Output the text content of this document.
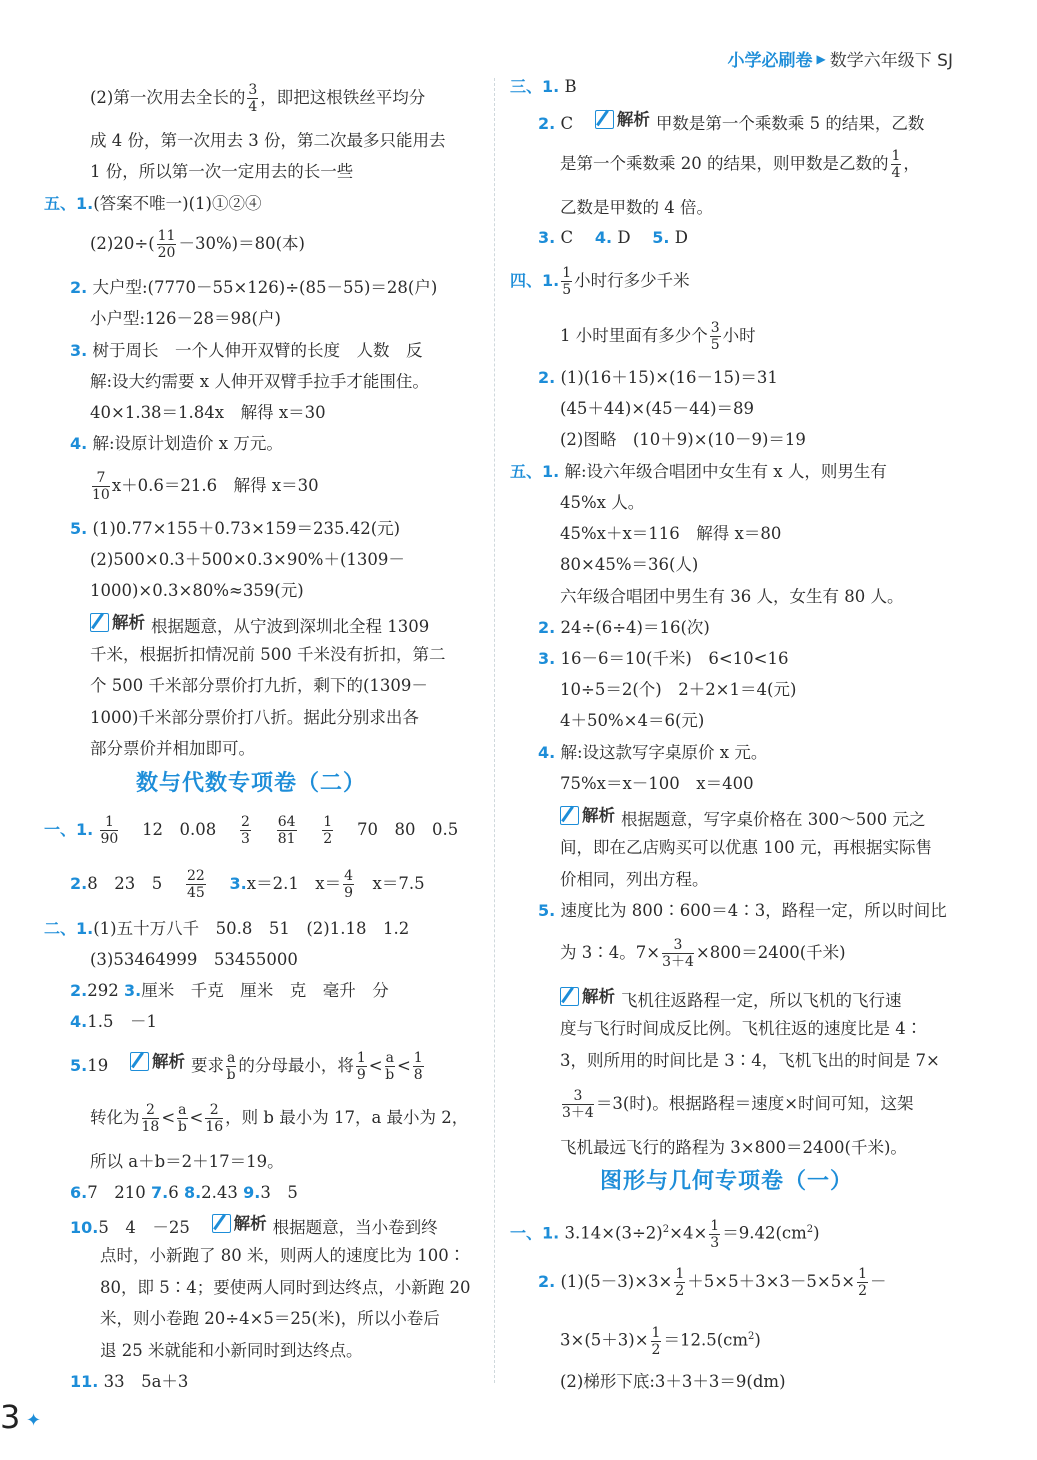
小学必刷卷 ▶ 数学六年级下 SJ
(2)第一次用去全长的 $\frac{3}{4}$ ，即把这根铁丝平均分
成 4 份，第一次用去 3 份，第二次最多只能用去
1 份，所以第一次一定用去的长一些
五、1.(答案不唯一)(1)①②④
$(2)20\div( \frac{11}{20} -30\%)=80$(本)
2. 大户型:(7770－55×126)÷(85－55)＝28(户)
小户型:126－28＝98(户)
3. 树于周长　一个人伸开双臂的长度　人数　反
解:设大约需要 x 人伸开双臂手拉手才能围住。
40×1.38＝1.84x　解得 x＝30
4. 解:设原计划造价 x 万元。
$\frac{7}{10} x+0.6=21.6$　解得 x＝30
5. (1)0.77×155＋0.73×159＝235.42(元)
(2)500×0.3＋500×0.3×90%＋(1309－
1000)×0.3×80%≈359(元)
解析 根据题意，从宁波到深圳北全程 1309
千米，根据折扣情况前 500 千米没有折扣，第二
个 500 千米部分票价打九折，剩下的(1309－
1000)千米部分票价打八折。据此分别求出各
部分票价并相加即可。
数与代数专项卷（二）
一、1. $\frac{1}{90}$
　 12　0.08 　 $\frac{2}{3}$
　 $\frac{64}{81}$
　 $\frac{1}{2}$
　 70　80　0.5
2.8　23　5 　 $\frac{22}{45}$
　 3.x＝2.1　$x= \frac{4}{9}$
　 x＝7.5
二、1.(1)五十万八千　50.8　51　(2)1.18　1.2
(3)53464999　53455000
2.292 3.厘米　千克　厘米　克　毫升　分
4.1.5　－1
5.19　	解析 要求 $\frac{a}{b}$ 的分母最小，将 $\frac{1}{9} < \frac{a}{b} < \frac{1}{8}$
转化为 $\frac{2}{18} < \frac{a}{b} < \frac{2}{16}$ ，则 b 最小为 17，a 最小为 2，
所以 a＋b＝2＋17＝19。
6.7　210 7.6 8.2.43 9.3　5
10.5　4　－25　	解析 根据题意，当小卷到终
点时，小新跑了 80 米，则两人的速度比为 100∶
80，即 5∶4；要使两人同时到达终点，小新跑 20
米，则小卷跑 20÷4×5＝25(米)，所以小卷后
退 25 米就能和小新同时到达终点。
11. 33　5a＋3
三、1. B
2. C　	解析 甲数是第一个乘数乘 5 的结果，乙数
是第一个乘数乘 20 的结果，则甲数是乙数的 $\frac{1}{4}$ ，
乙数是甲数的 4 倍。
3. C 　 4. D 　 5. D
四、1. $\frac{1}{5}$ 小时行多少千米
1 小时里面有多少个 $\frac{3}{5}$ 小时
2. (1)(16＋15)×(16－15)＝31
(45＋44)×(45－44)＝89
(2)图略　(10＋9)×(10－9)＝19
五、1. 解:设六年级合唱团中女生有 x 人，则男生有
45%x 人。
45%x＋x＝116　解得 x＝80
80×45%＝36(人)
六年级合唱团中男生有 36 人，女生有 80 人。
2. 24÷(6÷4)＝16(次)
3. 16－6＝10(千米)　6<10<16
10÷5＝2(个)　2＋2×1＝4(元)
4＋50%×4＝6(元)
4. 解:设这款写字桌原价 x 元。
75%x＝x－100　x＝400
解析 根据题意，写字桌价格在 300～500 元之
间，即在乙店购买可以优惠 100 元，再根据实际售
价相同，列出方程。
5. 速度比为 800∶600＝4∶3，路程一定，所以时间比
为 3∶4。$7\times \frac{3}{3+4} \times 800=2400$(千米)
解析 飞机往返路程一定，所以飞机的飞行速
度与飞行时间成反比例。飞机往返的速度比是 4∶
3，则所用的时间比是 3∶4，飞机飞出的时间是 7×
$\frac{3}{3+4} =3$(时)。根据路程＝速度×时间可知，这架
飞机最远飞行的路程为 3×800＝2400(千米)。
图形与几何专项卷（一）
一、1. $3.14\times(3\div 2)^2\times 4\times \frac{1}{3} =9.42(cm^2)$
2. $(1)(5-3)\times 3\times \frac{1}{2} +5\times 5+3\times 3-5\times 5\times \frac{1}{2}$ －
$3\times(5+3)\times \frac{1}{2} =12.5(cm^2)$
(2)梯形下底:3＋3＋3＝9(dm)
3 ✦
